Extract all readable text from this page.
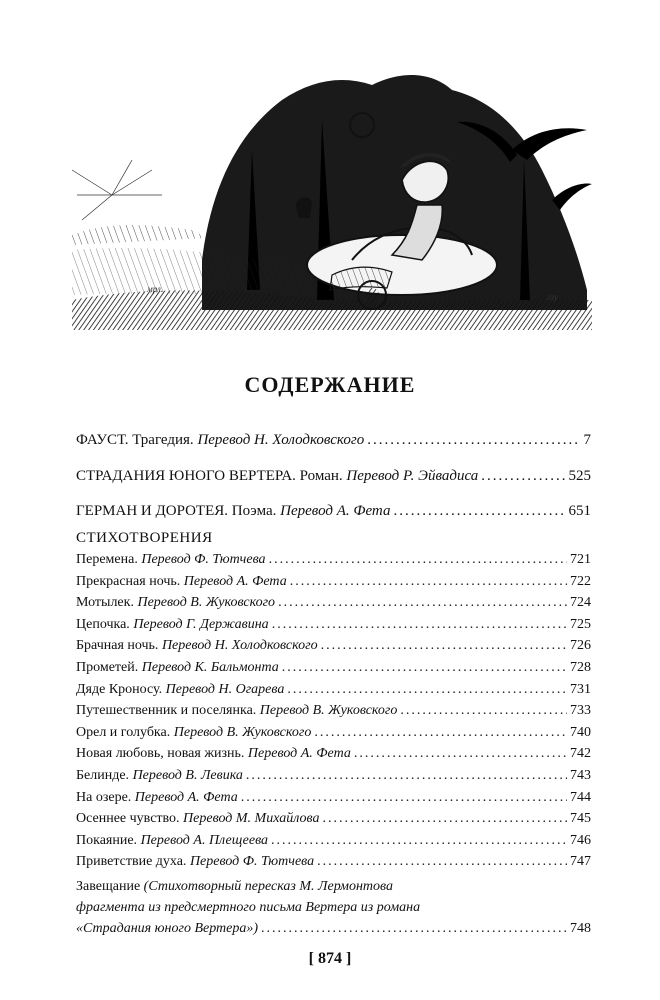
мрл.
гзу
СОДЕРЖАНИЕ
ФАУСТ. Трагедия. Перевод Н. Холодковского .....	7
СТРАДАНИЯ ЮНОГО ВЕРТЕРА. Роман. Перевод Р. Эйвадиса .....	525
ГЕРМАН И ДОРОТЕЯ. Поэма. Перевод А. Фета .....	651
СТИХОТВОРЕНИЯ
Перемена. Перевод Ф. Тютчева .....	721
Прекрасная ночь. Перевод А. Фета .....	722
Мотылек. Перевод В. Жуковского .....	724
Цепочка. Перевод Г. Державина .....	725
Брачная ночь. Перевод Н. Холодковского .....	726
Прометей. Перевод К. Бальмонта .....	728
Дяде Кроносу. Перевод Н. Огарева .....	731
Путешественник и поселянка. Перевод В. Жуковского .....	733
Орел и голубка. Перевод В. Жуковского .....	740
Новая любовь, новая жизнь. Перевод А. Фета .....	742
Белинде. Перевод В. Левика .....	743
На озере. Перевод А. Фета .....	744
Осеннее чувство. Перевод М. Михайлова .....	745
Покаяние. Перевод А. Плещеева .....	746
Приветствие духа. Перевод Ф. Тютчева .....	747
Завещание (Стихотворный пересказ М. Лермонтова
фрагмента из предсмертного письма Вертера из романа
«Страдания юного Вертера») .....	748
[ 874 ]
